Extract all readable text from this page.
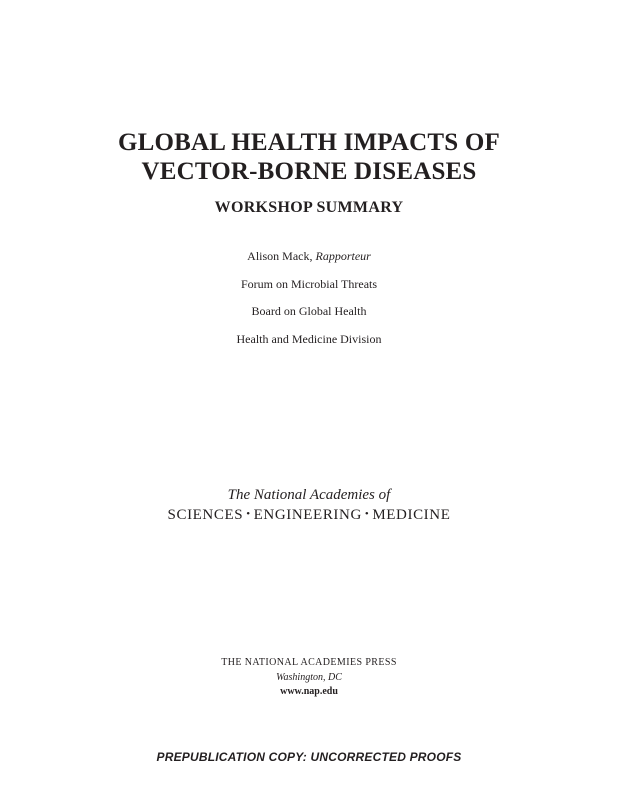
GLOBAL HEALTH IMPACTS OF
VECTOR-BORNE DISEASES
WORKSHOP SUMMARY
Alison Mack, Rapporteur
Forum on Microbial Threats
Board on Global Health
Health and Medicine Division
The National Academies of
SCIENCES • ENGINEERING • MEDICINE
THE NATIONAL ACADEMIES PRESS
Washington, DC
www.nap.edu
PREPUBLICATION COPY: UNCORRECTED PROOFS
